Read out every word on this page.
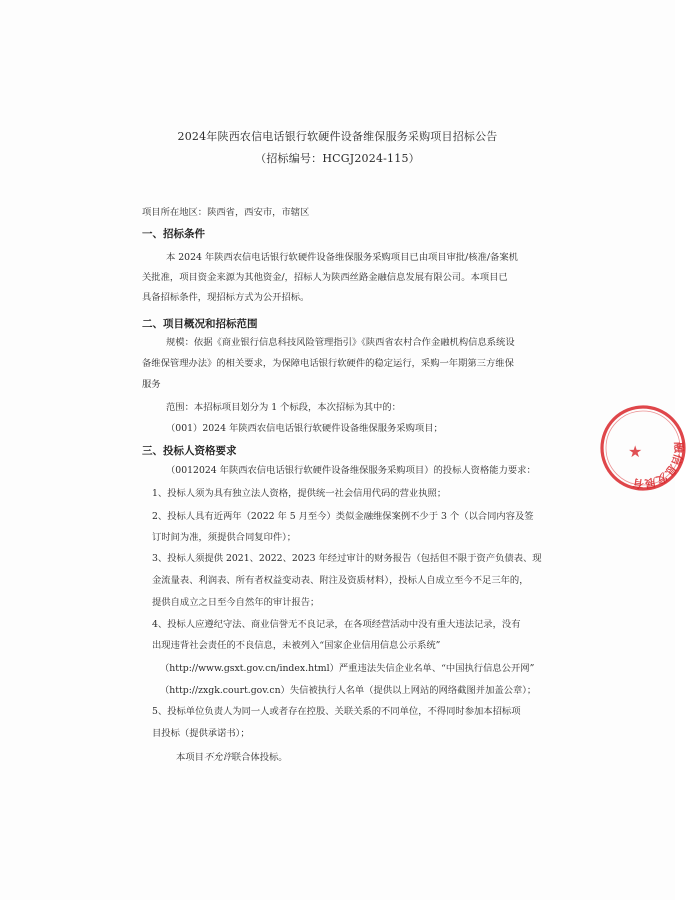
2024年陕西农信电话银行软硬件设备维保服务采购项目招标公告
（招标编号：HCGJ2024-115）
项目所在地区：陕西省，西安市，市辖区
一、招标条件
本 2024 年陕西农信电话银行软硬件设备维保服务采购项目已由项目审批/核准/备案机
关批准，项目资金来源为其他资金/，招标人为陕西丝路金融信息发展有限公司。本项目已
具备招标条件，现招标方式为公开招标。
二、项目概况和招标范围
规模：依据《商业银行信息科技风险管理指引》《陕西省农村合作金融机构信息系统设
备维保管理办法》的相关要求，为保障电话银行软硬件的稳定运行，采购一年期第三方维保
服务
范围：本招标项目划分为 1 个标段，本次招标为其中的：
（001）2024 年陕西农信电话银行软硬件设备维保服务采购项目；
三、投标人资格要求
（0012024 年陕西农信电话银行软硬件设备维保服务采购项目）的投标人资格能力要求：
1、投标人须为具有独立法人资格，提供统一社会信用代码的营业执照；
2、投标人具有近两年（2022 年 5 月至今）类似金融维保案例不少于 3 个（以合同内容及签
订时间为准，须提供合同复印件）；
3、投标人须提供 2021、2022、2023 年经过审计的财务报告（包括但不限于资产负债表、现
金流量表、利润表、所有者权益变动表、附注及资质材料），投标人自成立至今不足三年的，
提供自成立之日至今自然年的审计报告；
4、投标人应遵纪守法、商业信誉无不良记录，在各项经营活动中没有重大违法记录，没有
出现违背社会责任的不良信息，未被列入“国家企业信用信息公示系统”
（http://www.gsxt.gov.cn/index.html）严重违法失信企业名单、“中国执行信息公开网”
（http://zxgk.court.gov.cn）失信被执行人名单（提供以上网站的网络截图并加盖公章）；
5、投标单位负责人为同一人或者存在控股、关联关系的不同单位，不得同时参加本招标项
目投标（提供承诺书）；
本项目不允许联合体投标。
融信息发展有
★
